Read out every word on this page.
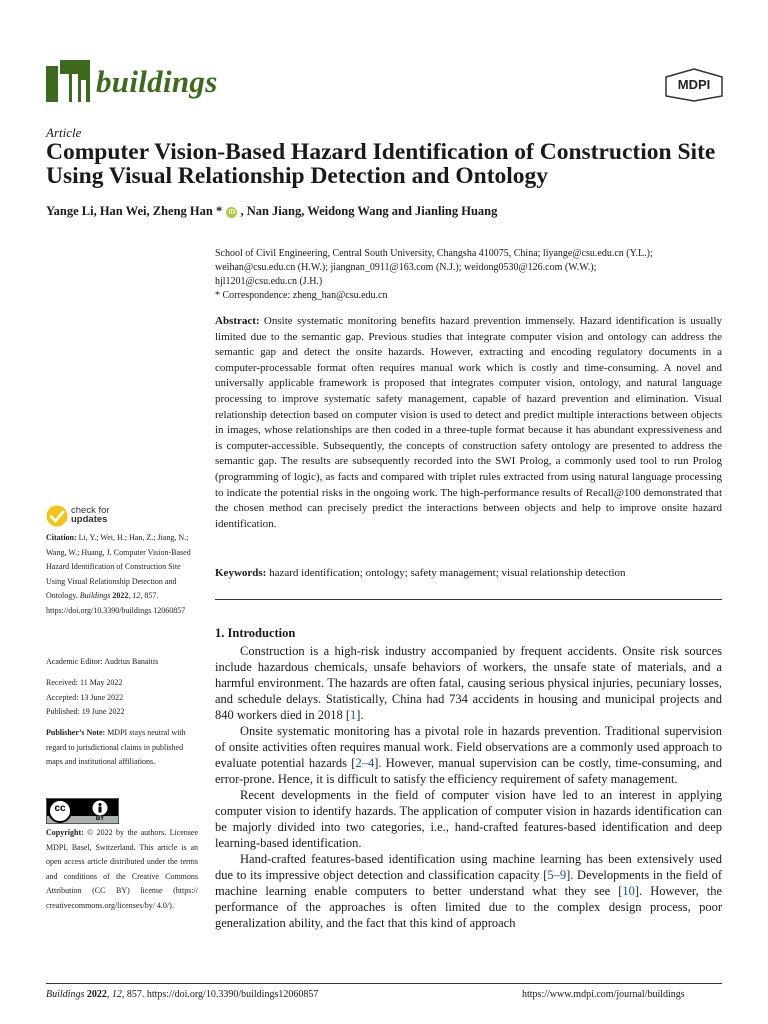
buildings	MDPI
Article
Computer Vision-Based Hazard Identification of Construction Site Using Visual Relationship Detection and Ontology
Yange Li, Han Wei, Zheng Han * iD , Nan Jiang, Weidong Wang and Jianling Huang
School of Civil Engineering, Central South University, Changsha 410075, China; liyange@csu.edu.cn (Y.L.);
weihan@csu.edu.cn (H.W.); jiangnan_0911@163.com (N.J.); weidong0530@126.com (W.W.);
hjl1201@csu.edu.cn (J.H.)
* Correspondence: zheng_han@csu.edu.cn
Abstract: Onsite systematic monitoring benefits hazard prevention immensely. Hazard identification is usually limited due to the semantic gap. Previous studies that integrate computer vision and ontology can address the semantic gap and detect the onsite hazards. However, extracting and encoding regulatory documents in a computer-processable format often requires manual work which is costly and time-consuming. A novel and universally applicable framework is proposed that integrates computer vision, ontology, and natural language processing to improve systematic safety management, capable of hazard prevention and elimination. Visual relationship detection based on computer vision is used to detect and predict multiple interactions between objects in images, whose relationships are then coded in a three-tuple format because it has abundant expressiveness and is computer-accessible. Subsequently, the concepts of construction safety ontology are presented to address the semantic gap. The results are subsequently recorded into the SWI Prolog, a commonly used tool to run Prolog (programming of logic), as facts and compared with triplet rules extracted from using natural language processing to indicate the potential risks in the ongoing work. The high-performance results of Recall@100 demonstrated that the chosen method can precisely predict the interactions between objects and help to improve onsite hazard identification.
Keywords: hazard identification; ontology; safety management; visual relationship detection
check for
updates
Citation: Li, Y.; Wei, H.; Han, Z.; Jiang, N.; Wang, W.; Huang, J. Computer Vision-Based Hazard Identification of Construction Site Using Visual Relationship Detection and Ontology. Buildings 2022, 12, 857. https://doi.org/10.3390/buildings 12060857
Academic Editor: Audrius Banaitis
Received: 11 May 2022
Accepted: 13 June 2022
Published: 19 June 2022
Publisher’s Note: MDPI stays neutral with regard to jurisdictional claims in published maps and institutional affiliations.
cc
BY
Copyright: © 2022 by the authors. Licensee MDPI, Basel, Switzerland. This article is an open access article distributed under the terms and conditions of the Creative Commons Attribution (CC BY) license (https:// creativecommons.org/licenses/by/ 4.0/).
1. Introduction

Construction is a high-risk industry accompanied by frequent accidents. Onsite risk sources include hazardous chemicals, unsafe behaviors of workers, the unsafe state of materials, and a harmful environment. The hazards are often fatal, causing serious physical injuries, pecuniary losses, and schedule delays. Statistically, China had 734 accidents in housing and municipal projects and 840 workers died in 2018 [1].

Onsite systematic monitoring has a pivotal role in hazards prevention. Traditional supervision of onsite activities often requires manual work. Field observations are a commonly used approach to evaluate potential hazards [2–4]. However, manual supervision can be costly, time-consuming, and error-prone. Hence, it is difficult to satisfy the efficiency requirement of safety management.

Recent developments in the field of computer vision have led to an interest in applying computer vision to identify hazards. The application of computer vision in hazards identification can be majorly divided into two categories, i.e., hand-crafted features-based identification and deep learning-based identification.

Hand-crafted features-based identification using machine learning has been extensively used due to its impressive object detection and classification capacity [5–9]. Developments in the field of machine learning enable computers to better understand what they see [10]. However, the performance of the approaches is often limited due to the complex design process, poor generalization ability, and the fact that this kind of approach

Buildings 2022, 12, 857. https://doi.org/10.3390/buildings12060857	https://www.mdpi.com/journal/buildings
